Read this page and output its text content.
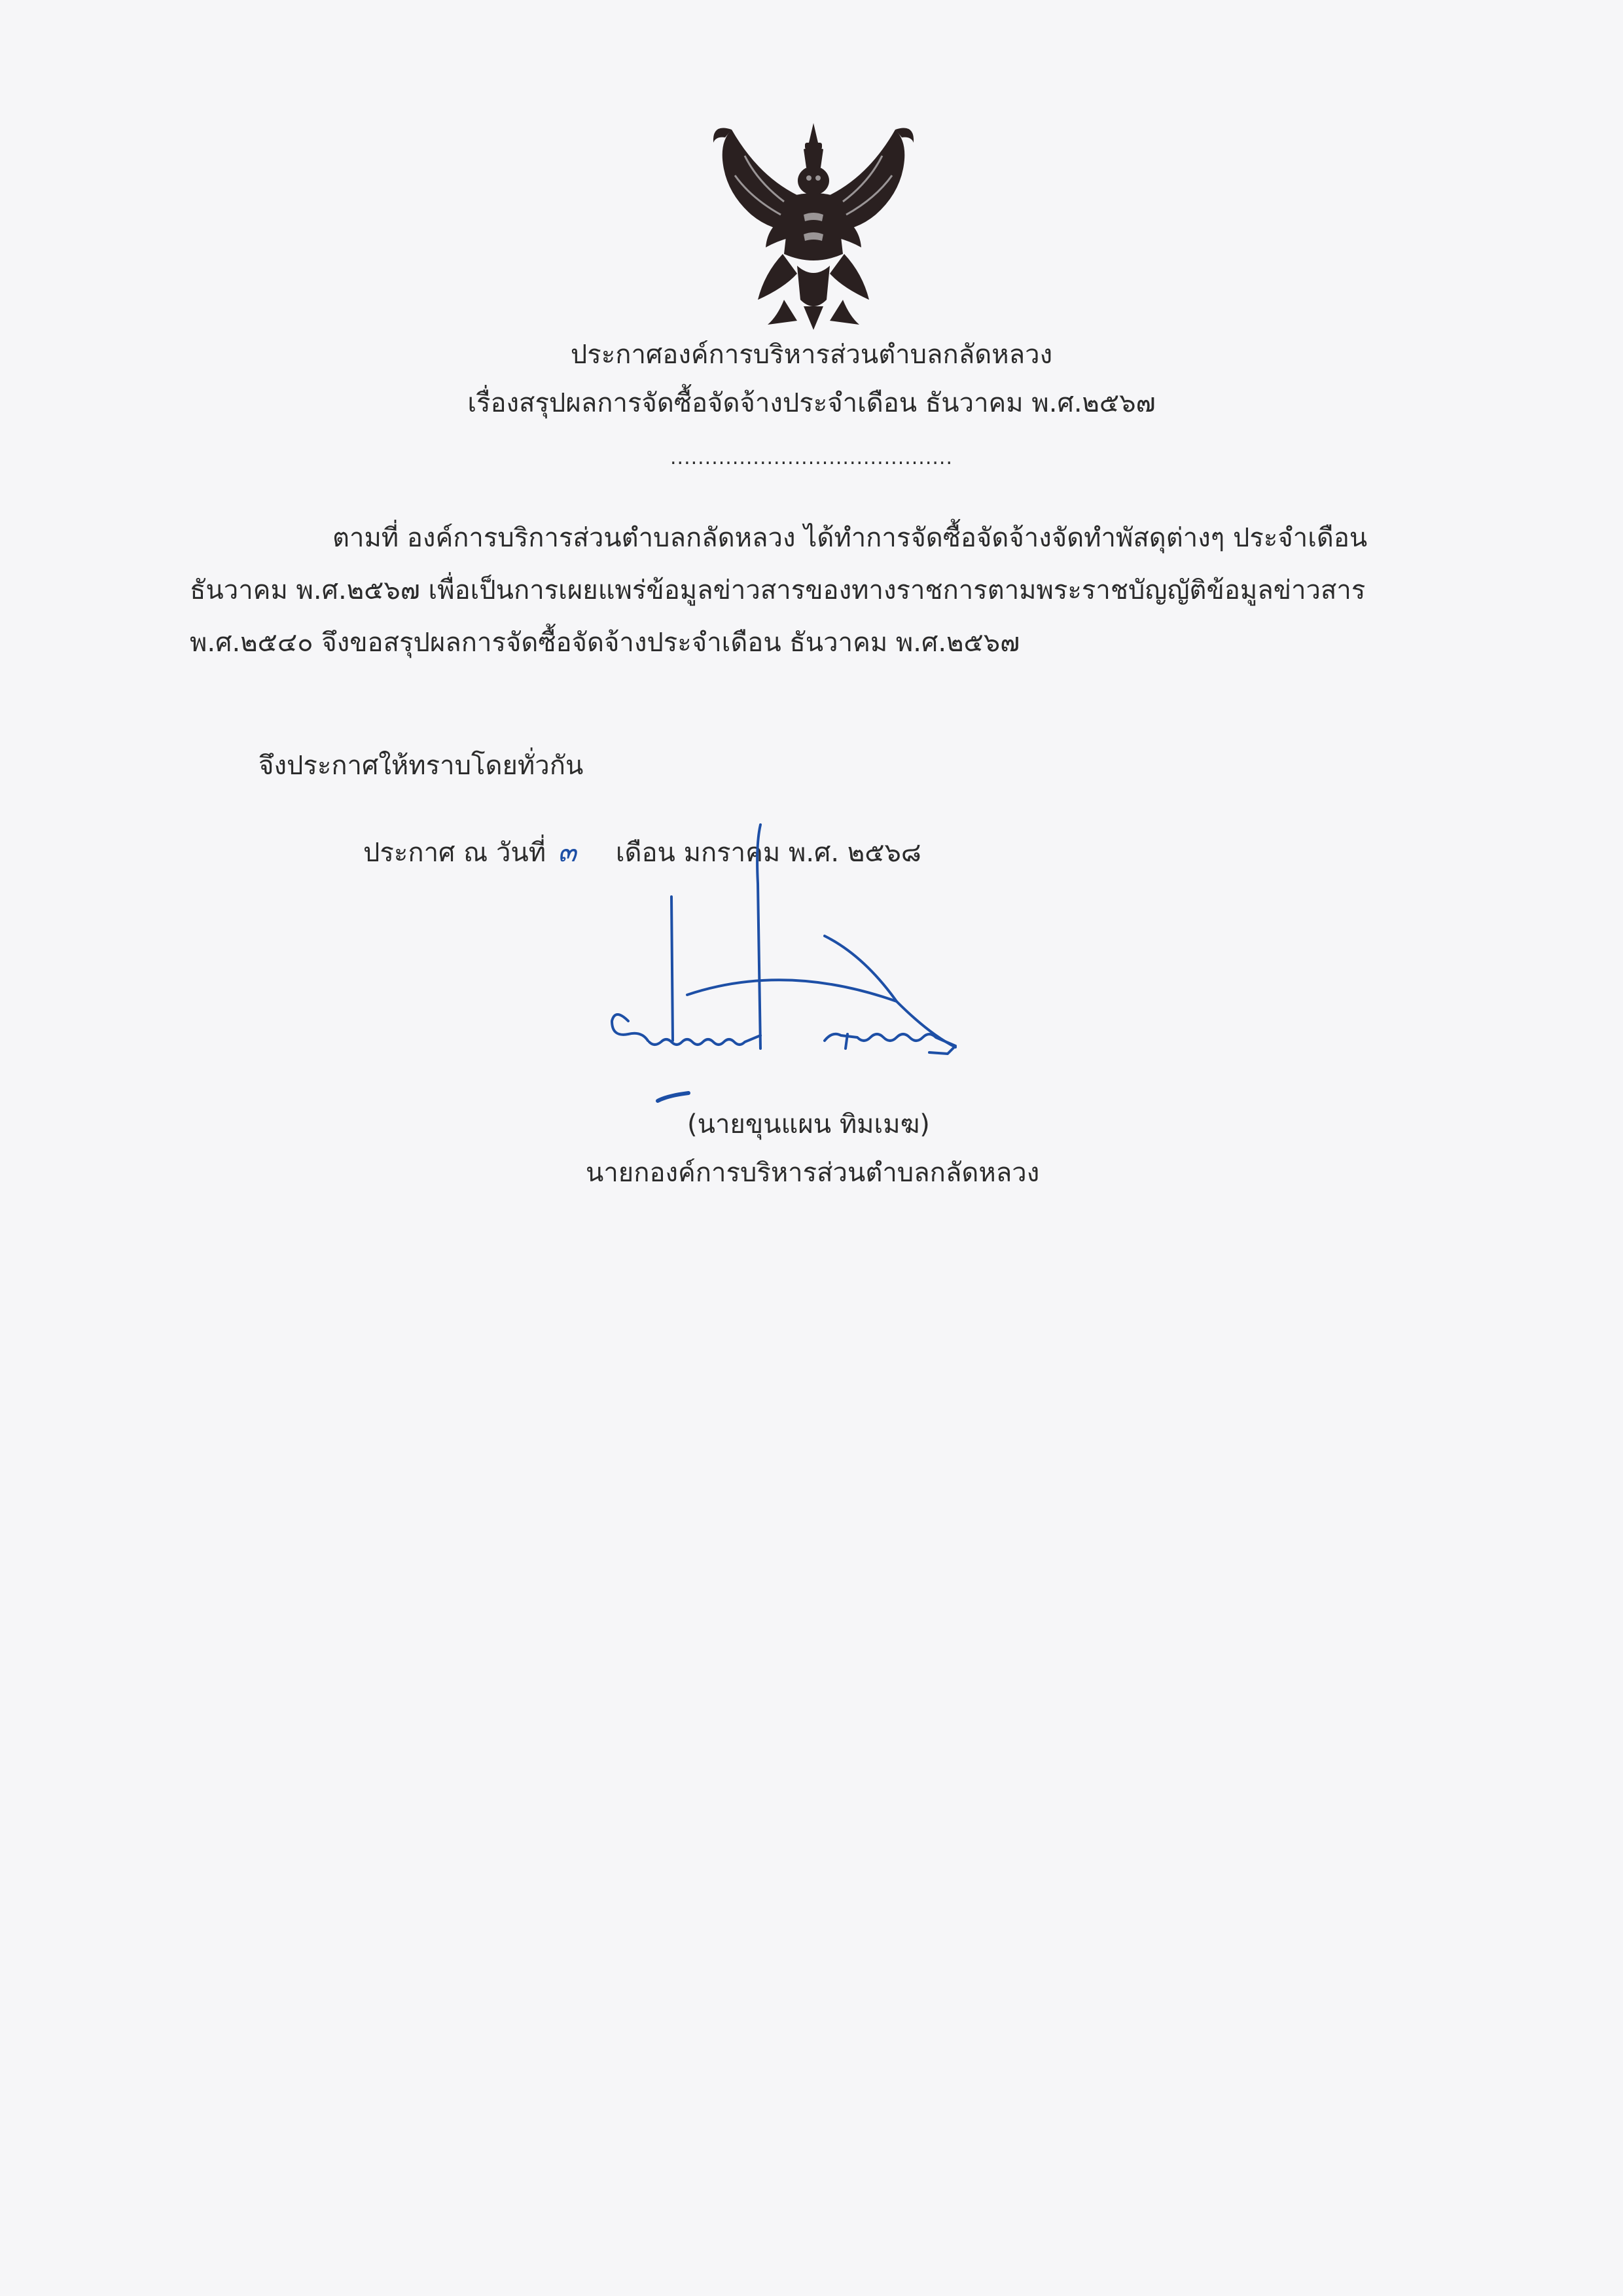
ประกาศองค์การบริหารส่วนตำบลกลัดหลวง
เรื่องสรุปผลการจัดซื้อจัดจ้างประจำเดือน ธันวาคม พ.ศ.๒๕๖๗
.........................................
ตามที่ องค์การบริการส่วนตำบลกลัดหลวง ได้ทำการจัดซื้อจัดจ้างจัดทำพัสดุต่างๆ ประจำเดือน
ธันวาคม พ.ศ.๒๕๖๗ เพื่อเป็นการเผยแพร่ข้อมูลข่าวสารของทางราชการตามพระราชบัญญัติข้อมูลข่าวสาร
พ.ศ.๒๕๔๐ จึงขอสรุปผลการจัดซื้อจัดจ้างประจำเดือน ธันวาคม พ.ศ.๒๕๖๗
จึงประกาศให้ทราบโดยทั่วกัน
ประกาศ ณ วันที่ ๓ เดือน มกราคม พ.ศ. ๒๕๖๘
(นายขุนแผน ทิมเมฆ)
นายกองค์การบริหารส่วนตำบลกลัดหลวง
